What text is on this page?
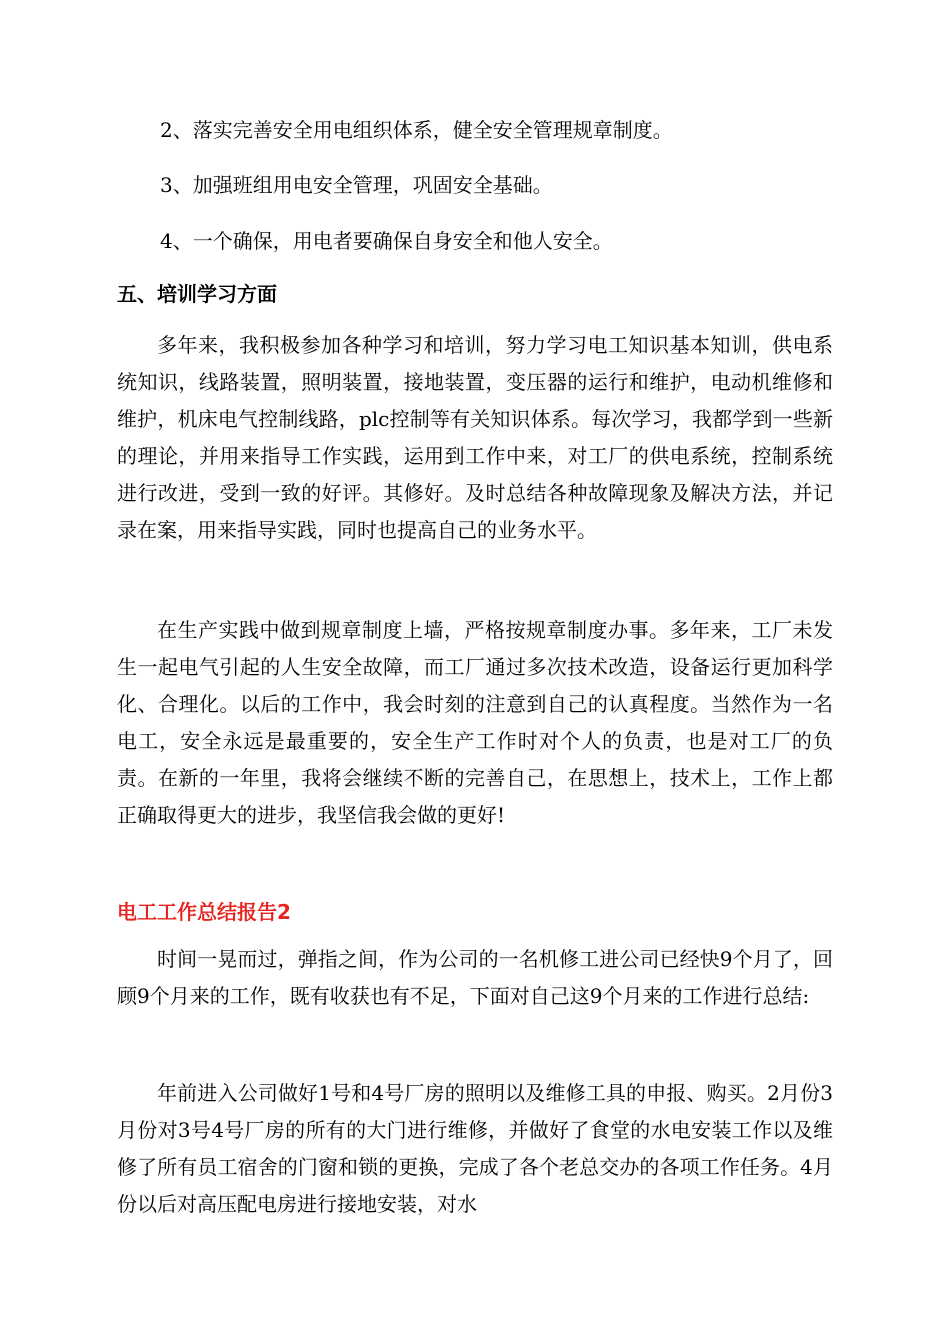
2、落实完善安全用电组织体系，健全安全管理规章制度。

3、加强班组用电安全管理，巩固安全基础。

4、一个确保，用电者要确保自身安全和他人安全。

五、培训学习方面

多年来，我积极参加各种学习和培训，努力学习电工知识基本知训，供电系统知识，线路装置，照明装置，接地装置，变压器的运行和维护，电动机维修和维护，机床电气控制线路，plc控制等有关知识体系。每次学习，我都学到一些新的理论，并用来指导工作实践，运用到工作中来，对工厂的供电系统，控制系统进行改进，受到一致的好评。其修好。及时总结各种故障现象及解决方法，并记录在案，用来指导实践，同时也提高自己的业务水平。

在生产实践中做到规章制度上墙，严格按规章制度办事。多年来，工厂未发生一起电气引起的人生安全故障，而工厂通过多次技术改造，设备运行更加科学化、合理化。以后的工作中，我会时刻的注意到自己的认真程度。当然作为一名电工，安全永远是最重要的，安全生产工作时对个人的负责，也是对工厂的负责。在新的一年里，我将会继续不断的完善自己，在思想上，技术上，工作上都正确取得更大的进步，我坚信我会做的更好!

电工工作总结报告2

时间一晃而过，弹指之间，作为公司的一名机修工进公司已经快9个月了，回顾9个月来的工作，既有收获也有不足，下面对自己这9个月来的工作进行总结:

年前进入公司做好1号和4号厂房的照明以及维修工具的申报、购买。2月份3月份对3号4号厂房的所有的大门进行维修，并做好了食堂的水电安装工作以及维修了所有员工宿舍的门窗和锁的更换，完成了各个老总交办的各项工作任务。4月份以后对高压配电房进行接地安装，对水
